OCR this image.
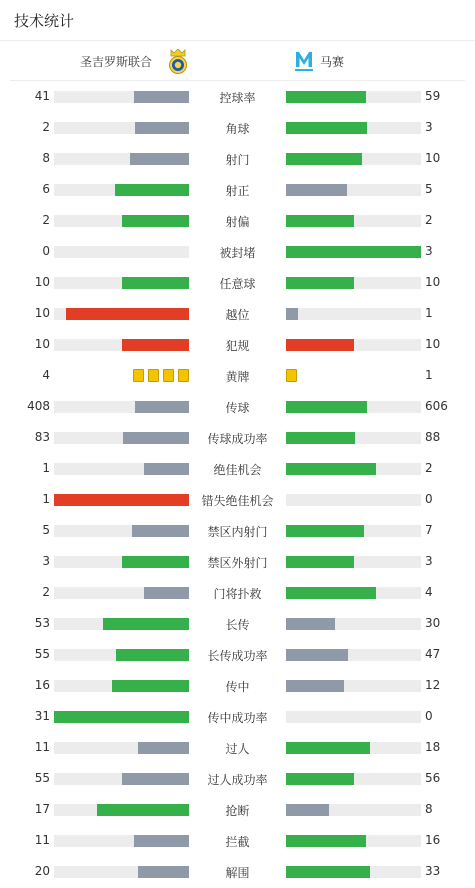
技术统计
圣吉罗斯联合	马赛
41	控球率	59
2	角球	3
8	射门	10
6	射正	5
2	射偏	2
0	被封堵	3
10	任意球	10
10	越位	1
10	犯规	10
4	黄牌	1
408	传球	606
83	传球成功率	88
1	绝佳机会	2
1	错失绝佳机会	0
5	禁区内射门	7
3	禁区外射门	3
2	门将扑救	4
53	长传	30
55	长传成功率	47
16	传中	12
31	传中成功率	0
11	过人	18
55	过人成功率	56
17	抢断	8
11	拦截	16
20	解围	33
